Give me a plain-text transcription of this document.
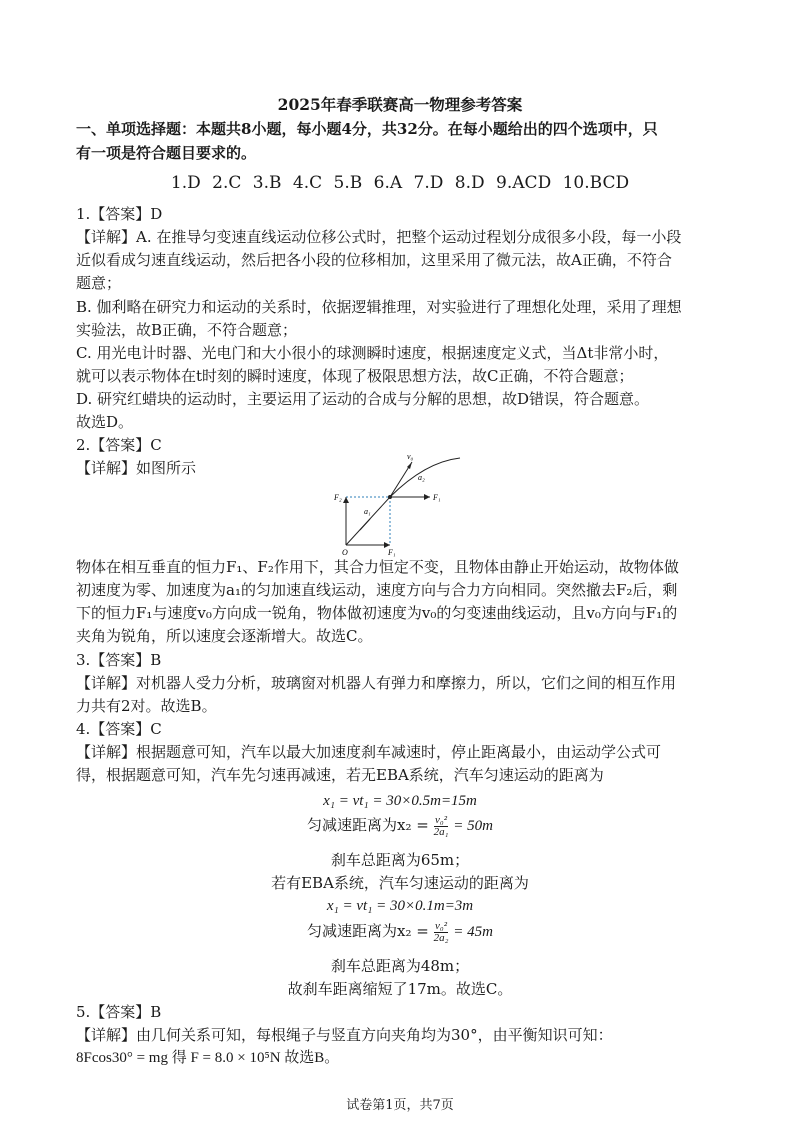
2025年春季联赛高一物理参考答案
一、单项选择题：本题共8小题，每小题4分，共32分。在每小题给出的四个选项中，只
有一项是符合题目要求的。
1.D 2.C 3.B 4.C 5.B 6.A 7.D 8.D 9.ACD 10.BCD
1.【答案】D
【详解】A. 在推导匀变速直线运动位移公式时，把整个运动过程划分成很多小段，每一小段
近似看成匀速直线运动，然后把各小段的位移相加，这里采用了微元法，故A正确，不符合
题意；
B. 伽利略在研究力和运动的关系时，依据逻辑推理，对实验进行了理想化处理，采用了理想
实验法，故B正确，不符合题意；
C. 用光电计时器、光电门和大小很小的球测瞬时速度，根据速度定义式，当Δt非常小时，
就可以表示物体在t时刻的瞬时速度，体现了极限思想方法，故C正确，不符合题意；
D. 研究红蜡块的运动时，主要运用了运动的合成与分解的思想，故D错误，符合题意。
故选D。
2.【答案】C
【详解】如图所示
v₀
a₂
F₂	F₁
a₁
F₁
O
物体在相互垂直的恒力F₁、F₂作用下，其合力恒定不变，且物体由静止开始运动，故物体做
初速度为零、加速度为a₁的匀加速直线运动，速度方向与合力方向相同。突然撤去F₂后，剩
下的恒力F₁与速度v₀方向成一锐角，物体做初速度为v₀的匀变速曲线运动，且v₀方向与F₁的
夹角为锐角，所以速度会逐渐增大。故选C。
3.【答案】B
【详解】对机器人受力分析，玻璃窗对机器人有弹力和摩擦力，所以，它们之间的相互作用
力共有2对。故选B。
4.【答案】C
【详解】根据题意可知，汽车以最大加速度刹车减速时，停止距离最小，由运动学公式可
得，根据题意可知，汽车先匀速再减速，若无EBA系统，汽车匀速运动的距离为
x₁ = vt₁ = 30×0.5m=15m
匀减速距离为$x_2 = \frac{\text{v₀²}}{\text{2a₁}} = 50m$
刹车总距离为65m；
若有EBA系统，汽车匀速运动的距离为
x₁ = vt₁ = 30×0.1m=3m
匀减速距离为$x_2 = \frac{\text{v₀²}}{\text{2a₂}} = 45m$
刹车总距离为48m；
故刹车距离缩短了17m。故选C。
5.【答案】B
【详解】由几何关系可知，每根绳子与竖直方向夹角均为30°，由平衡知识可知：
8Fcos30° = mg 得 F = 8.0 × 10⁵N 故选B。
试卷第1页，共7页
